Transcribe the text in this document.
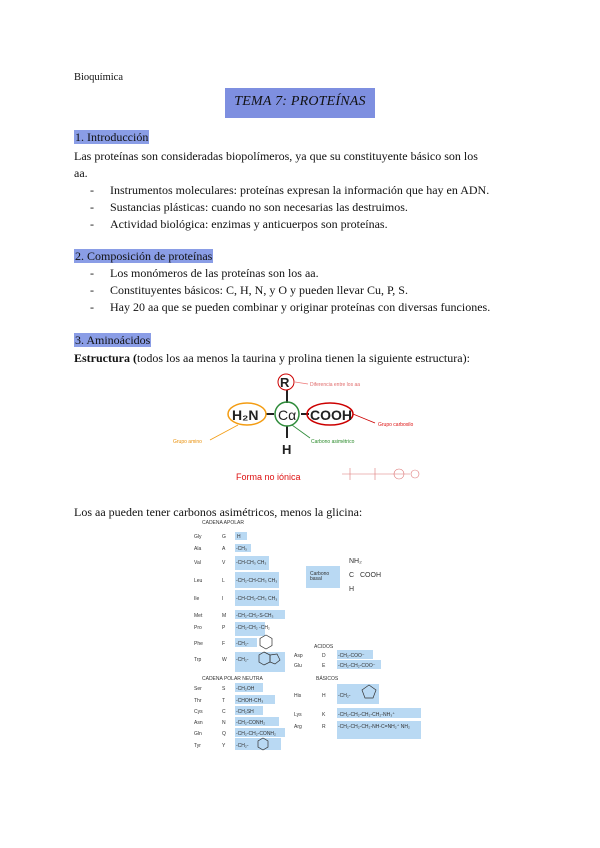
Bioquímica
TEMA 7: PROTEÍNAS
1. Introducción
Las proteínas son consideradas biopolímeros, ya que su constituyente básico son los
aa.
- Instrumentos moleculares: proteínas expresan la información que hay en ADN.
- Sustancias plásticas: cuando no son necesarias las destruimos.
- Actividad biológica: enzimas y anticuerpos son proteínas.
2. Composición de proteínas
- Los monómeros de las proteínas son los aa.
- Constituyentes básicos: C, H, N, y O y pueden llevar Cu, P, S.
- Hay 20 aa que se pueden combinar y originar proteínas con diversas funciones.
3. Aminoácidos
Estructura (todos los aa menos la taurina y prolina tienen la siguiente estructura):
R
H₂N Cα COOH
H
Diferencia entre los aa
Grupo carboxilo
Grupo amino	Carbono asimétrico
Forma no iónica
Los aa pueden tener carbonos asimétricos, menos la glicina:
CADENA APOLAR
Gly	G H
Ala	A -CH₃
Val	V -CH-CH₃ CH₃
Leu	L -CH₂-CH-CH₃ CH₃
Ile	I	-CH-CH₂-CH₃ CH₃
Met	M -CH₂-CH₂-S-CH₃
Pro	P -CH₂-CH₂ -CH₂
Phe	F -CH₂-
Trp	W -CH₂-
Carbono basal
NH₂
C COOH
H
ACIDOS
Asp	D -CH₂-COO⁻
Glu	E	-CH₂-CH₂-COO⁻
CADENA POLAR NEUTRA
Ser	S -CH₂OH
Thr	T -CHOH-CH₃
Cys	C -CH₂SH
Asn	N -CH₂-CONH₂
Gln	Q -CH₂-CH₂-CONH₂
Tyr	Y -CH₂-
BÁSICOS
His	H -CH₂-
Lys	K	-CH₂-CH₂-CH₂-CH₂-NH₃⁺
Arg	R -CH₂-CH₂-CH₂-NH-C=NH₂⁺ NH₂
